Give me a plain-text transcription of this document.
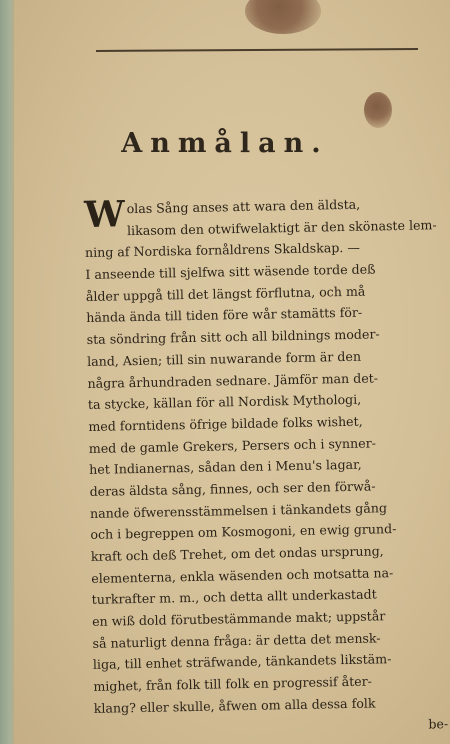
Anmålan.
Wolas Sång anses att wara den äldsta,
likasom den otwifwelaktigt är den skönaste lem-
ning af Nordiska fornåldrens Skaldskap. —
I anseende till sjelfwa sitt wäsende torde deß
ålder uppgå till det längst förflutna, och må
hända ända till tiden före wår stamätts för-
sta söndring från sitt och all bildnings moder-
land, Asien; till sin nuwarande form är den
några århundraden sednare. Jämför man det-
ta stycke, källan för all Nordisk Mythologi,
med forntidens öfrige bildade folks wishet,
med de gamle Grekers, Persers och i synner-
het Indianernas, sådan den i Menu's lagar,
deras äldsta sång, finnes, och ser den förwå-
nande öfwerensstämmelsen i tänkandets gång
och i begreppen om Kosmogoni, en ewig grund-
kraft och deß Trehet, om det ondas ursprung,
elementerna, enkla wäsenden och motsatta na-
turkrafter m. m., och detta allt underkastadt
en wiß dold förutbestämmande makt; uppstår
så naturligt denna fråga: är detta det mensk-
liga, till enhet sträfwande, tänkandets likstäm-
mighet, från folk till folk en progressif åter-
klang? eller skulle, åfwen om alla dessa folk
be-
